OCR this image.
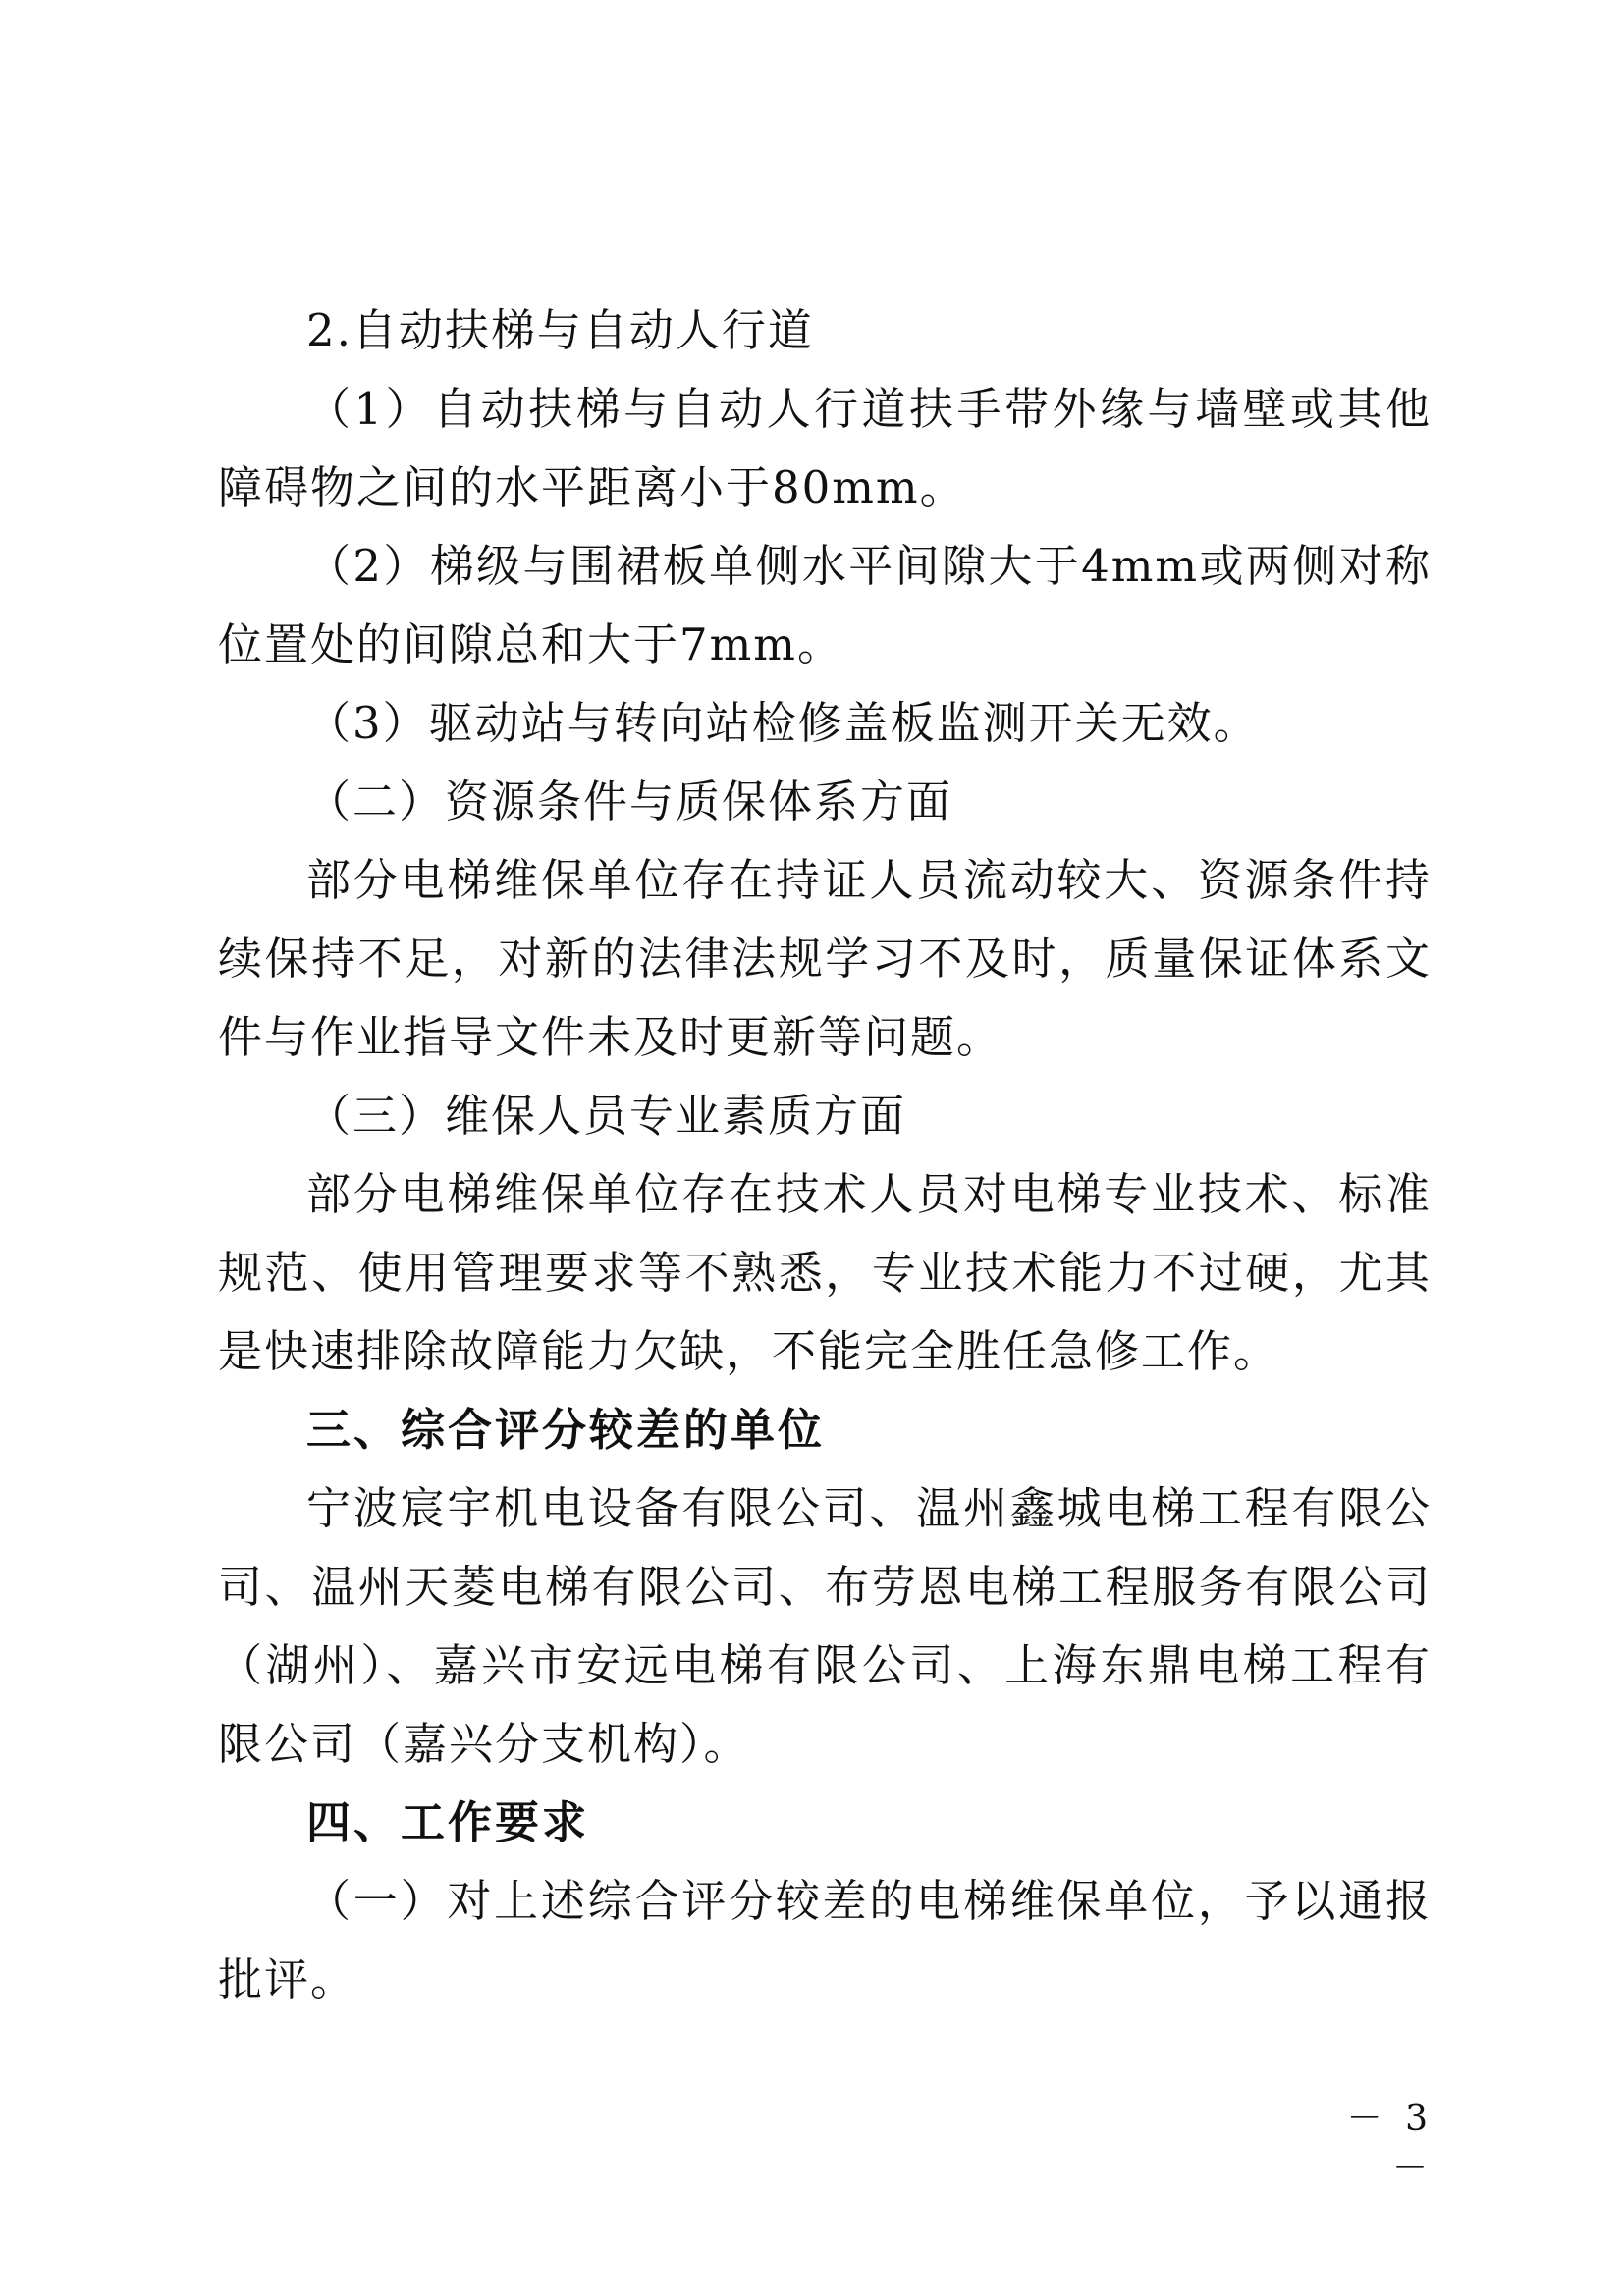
2.自动扶梯与自动人行道

（1）自动扶梯与自动人行道扶手带外缘与墙壁或其他障碍物之间的水平距离小于80mm。

（2）梯级与围裙板单侧水平间隙大于4mm或两侧对称位置处的间隙总和大于7mm。

（3）驱动站与转向站检修盖板监测开关无效。

（二）资源条件与质保体系方面

部分电梯维保单位存在持证人员流动较大、资源条件持续保持不足，对新的法律法规学习不及时，质量保证体系文件与作业指导文件未及时更新等问题。

（三）维保人员专业素质方面

部分电梯维保单位存在技术人员对电梯专业技术、标准规范、使用管理要求等不熟悉，专业技术能力不过硬，尤其是快速排除故障能力欠缺，不能完全胜任急修工作。

三、综合评分较差的单位

宁波宸宇机电设备有限公司、温州鑫城电梯工程有限公司、温州天菱电梯有限公司、布劳恩电梯工程服务有限公司（湖州）、嘉兴市安远电梯有限公司、上海东鼎电梯工程有限公司（嘉兴分支机构）。

四、工作要求

（一）对上述综合评分较差的电梯维保单位，予以通报批评。

－ 3 －
